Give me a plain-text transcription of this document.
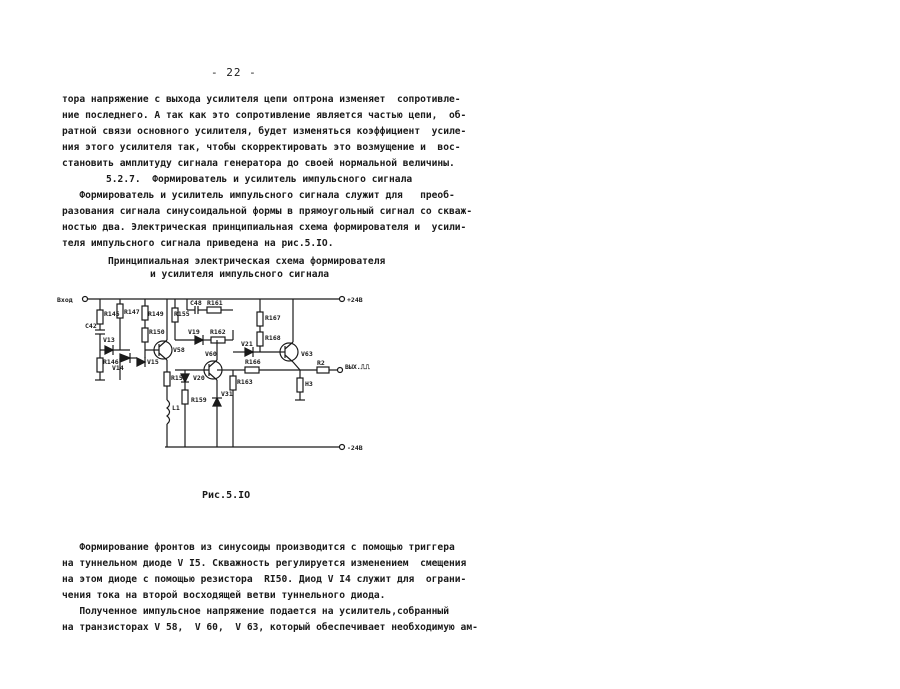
- 22 -
тора напряжение с выхода усилителя цепи оптрона изменяет  сопротивле-
ние последнего. А так как это сопротивление является частью цепи,  об-
ратной связи основного усилителя, будет изменяться коэффициент  усиле-
ния этого усилителя так, чтобы скорректировать это возмущение и  вос-
становить амплитуду сигнала генератора до своей нормальной величины.
5.2.7.  Формирователь и усилитель импульсного сигнала
Формирователь и усилитель импульсного сигнала служит для   преоб-
разования сигнала синусоидальной формы в прямоугольный сигнал со сквaж-
ностью два. Электрическая принципиальная схема формирователя и  усили-
теля импульсного сигнала приведена на рис.5.IO.
Принципиальная электрическая схема формирователя
и усилителя импульсного сигнала
Вход	+24В
-24В
ВЫХ.⎍⎍
R145
C42
V13
R146
V14
R147 R149
R150
V15
V58
R155
C48 R161
V19 R162
V60
R157 V20
L1
R159
V31
R163
R167
R168
V21
R166
V63
R2
H3
Рис.5.IO
Формирование фронтов из синусоиды производится с помощью триггера
на туннельном диоде V I5. Скважность регулируется изменением  смещения
на этом диоде с помощью резистора  RI50. Диод V I4 служит для  ограни-
чения тока на второй восходящей ветви туннельного диода.
Полученное импульсное напряжение подается на усилитель,собранный
на транзисторах V 58,  V 60,  V 63, который обеспечивает необходимую ам-
